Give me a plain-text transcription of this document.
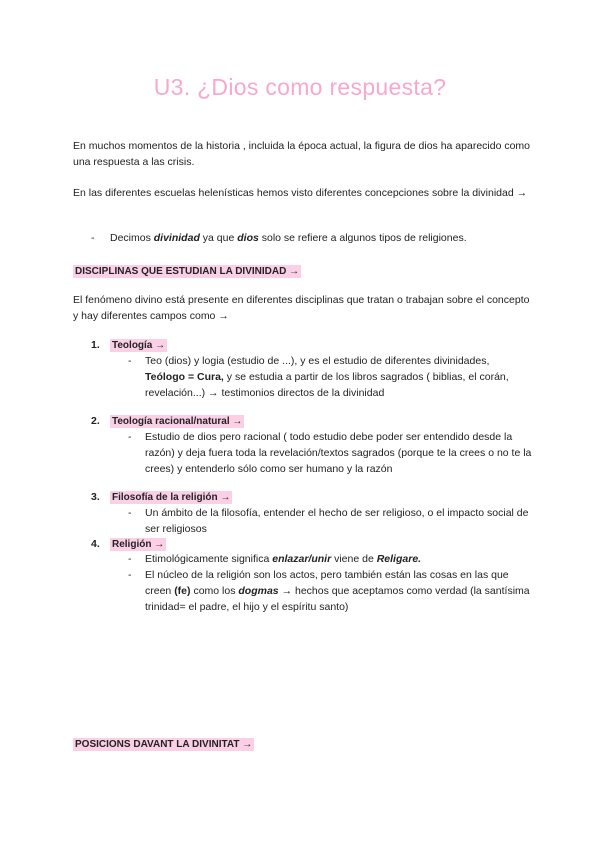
U3. ¿Dios como respuesta?

En muchos momentos de la historia , incluida la época actual, la figura de dios ha aparecido como una respuesta a las crisis.

En las diferentes escuelas helenísticas hemos visto diferentes concepciones sobre la divinidad →

- Decimos divinidad ya que dios solo se refiere a algunos tipos de religiones.

DISCIPLINAS QUE ESTUDIAN LA DIVINIDAD →

El fenómeno divino está presente en diferentes disciplinas que tratan o trabajan sobre el concepto y hay diferentes campos como →

1. Teología →

- Teo (dios) y logia (estudio de ...), y es el estudio de diferentes divinidades,
Teólogo = Cura, y se estudia a partir de los libros sagrados ( biblias, el corán, revelación...) → testimonios directos de la divinidad

2. Teología racional/natural →

- Estudio de dios pero racional ( todo estudio debe poder ser entendido desde la razón) y deja fuera toda la revelación/textos sagrados (porque te la crees o no te la crees) y entenderlo sólo como ser humano y la razón

3. Filosofía de la religión →

- Un ámbito de la filosofía, entender el hecho de ser religioso, o el impacto social de ser religiosos

4. Religión →

- Etimológicamente significa enlazar/unir viene de Religare.

- El núcleo de la religión son los actos, pero también están las cosas en las que creen (fe) como los dogmas → hechos que aceptamos como verdad (la santísima trinidad= el padre, el hijo y el espíritu santo)

POSICIONS DAVANT LA DIVINITAT →
